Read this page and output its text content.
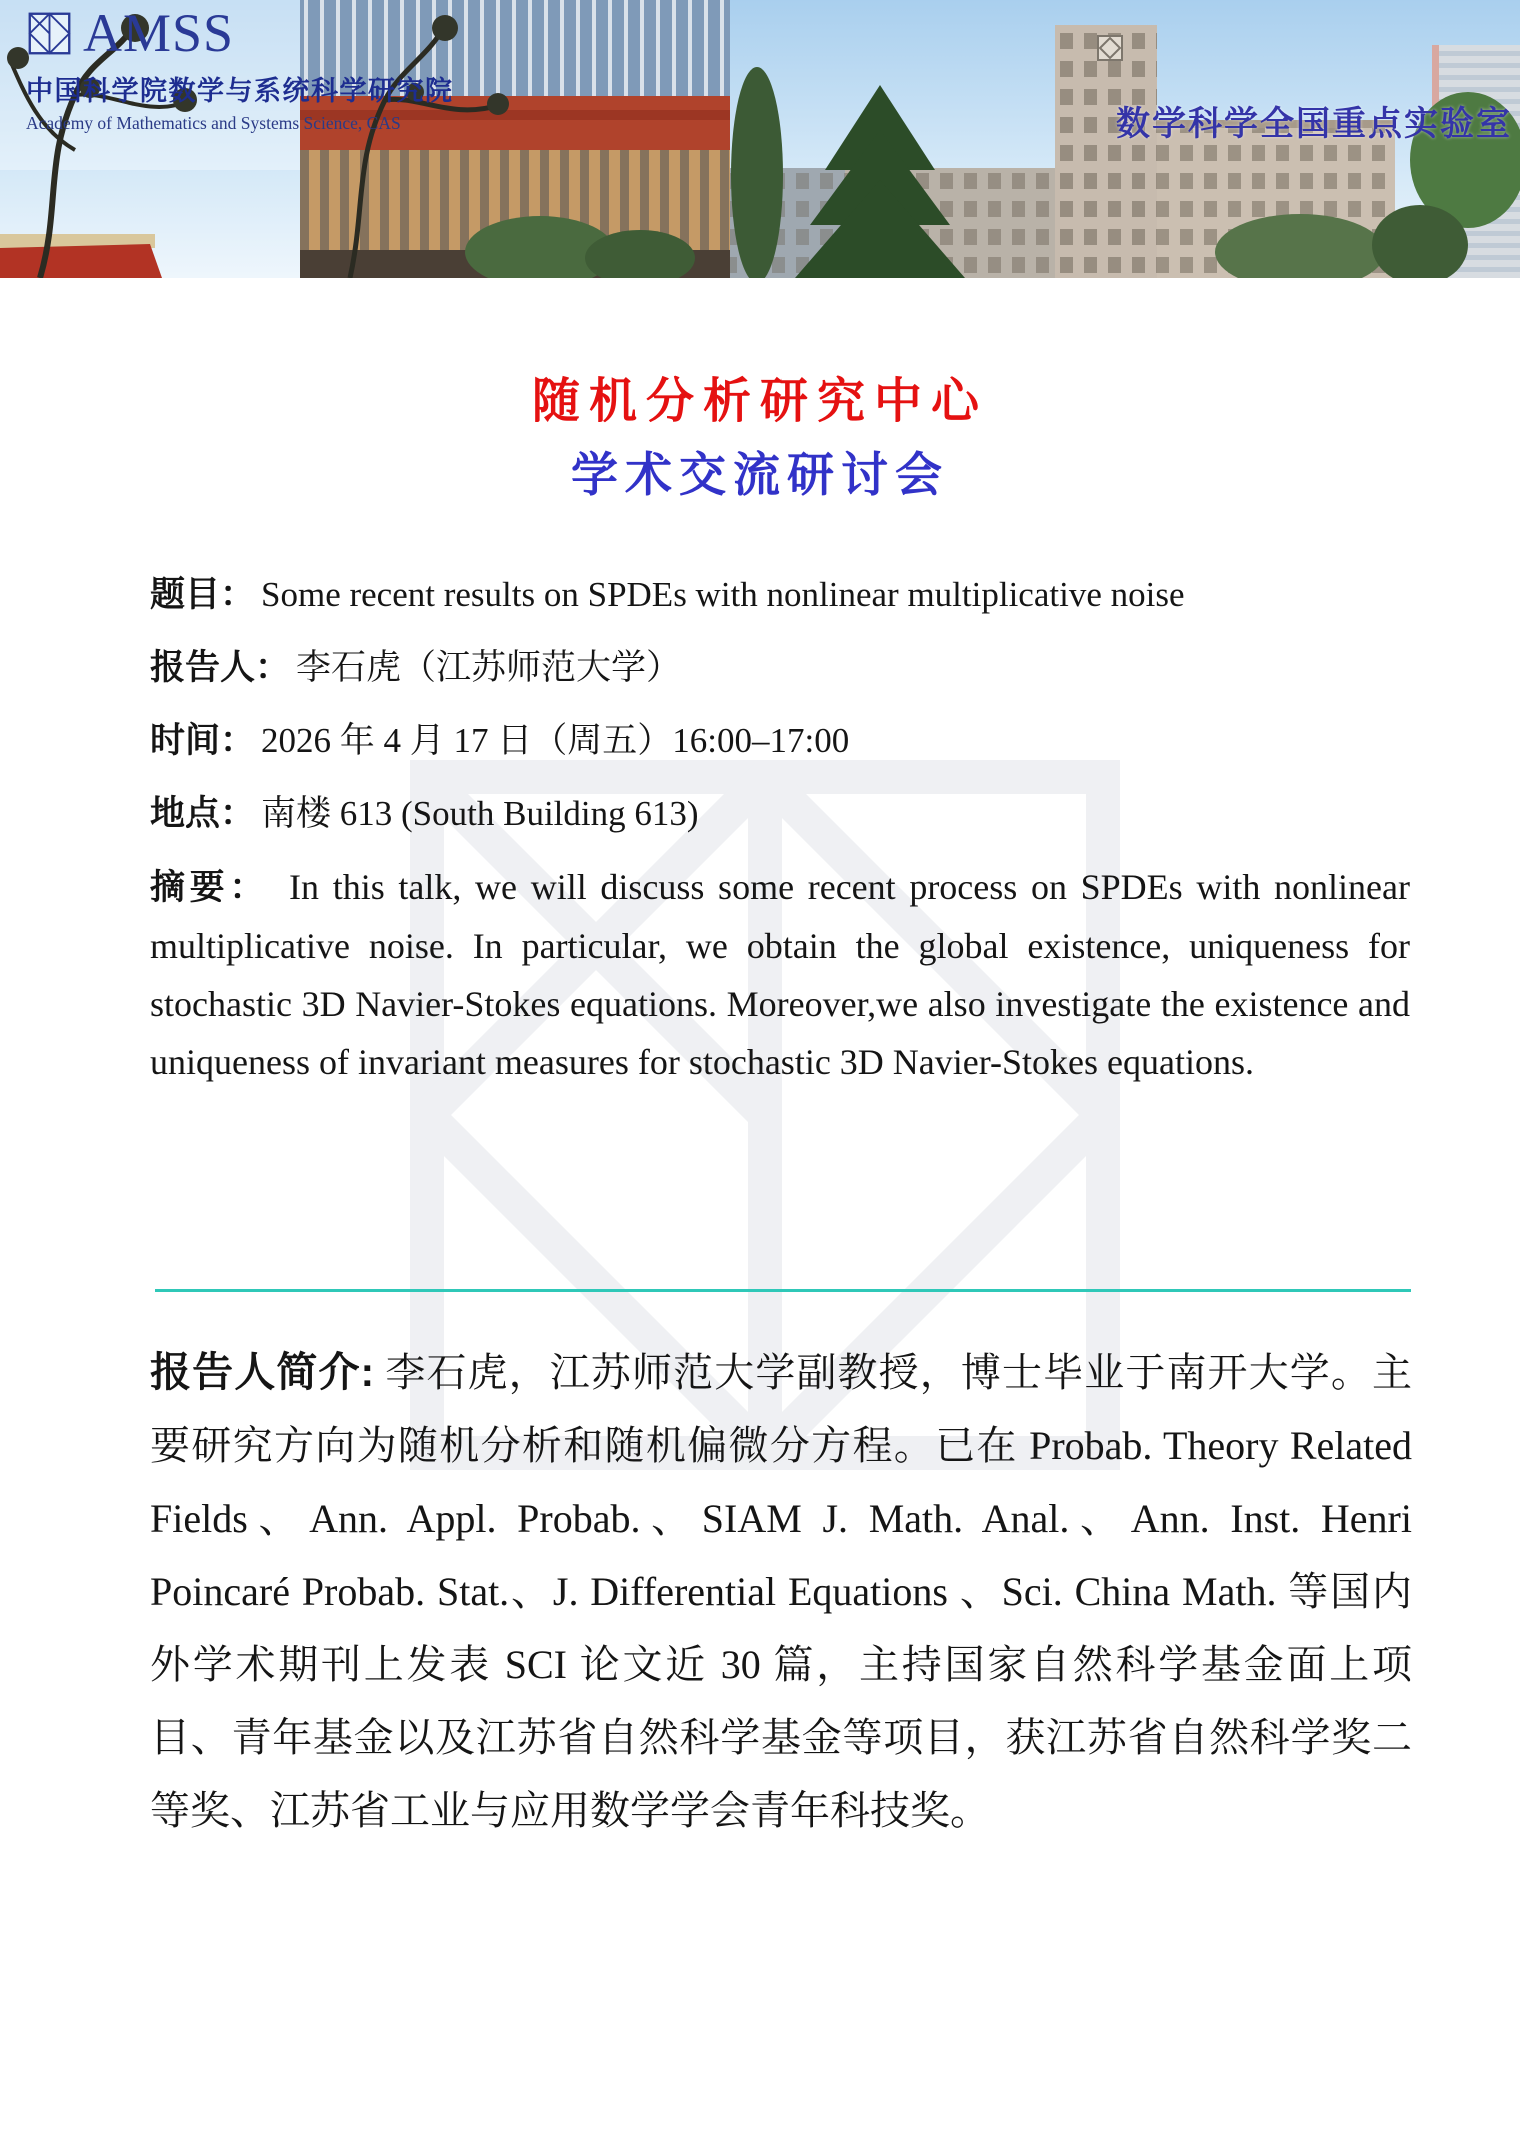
AMSS
中国科学院数学与系统科学研究院
Academy of Mathematics and Systems Science, CAS	数学科学全国重点实验室
随机分析研究中心
学术交流研讨会

题目： Some recent results on SPDEs with nonlinear multiplicative noise

报告人： 李石虎（江苏师范大学）

时间： 2026 年 4 月 17 日（周五）16:00–17:00

地点： 南楼 613 (South Building 613)

摘要： In this talk, we will discuss some recent process on SPDEs with nonlinear multiplicative noise. In particular, we obtain the global existence, uniqueness for stochastic 3D Navier-Stokes equations. Moreover,we also investigate the existence and uniqueness of invariant measures for stochastic 3D Navier-Stokes equations.

报告人简介: 李石虎，江苏师范大学副教授，博士毕业于南开大学。主要研究方向为随机分析和随机偏微分方程。已在 Probab. Theory Related Fields、Ann. Appl. Probab.、SIAM J. Math. Anal.、Ann. Inst. Henri Poincaré Probab. Stat.、J. Differential Equations 、Sci. China Math. 等国内外学术期刊上发表 SCI 论文近 30 篇，主持国家自然科学基金面上项目、青年基金以及江苏省自然科学基金等项目，获江苏省自然科学奖二等奖、江苏省工业与应用数学学会青年科技奖。
